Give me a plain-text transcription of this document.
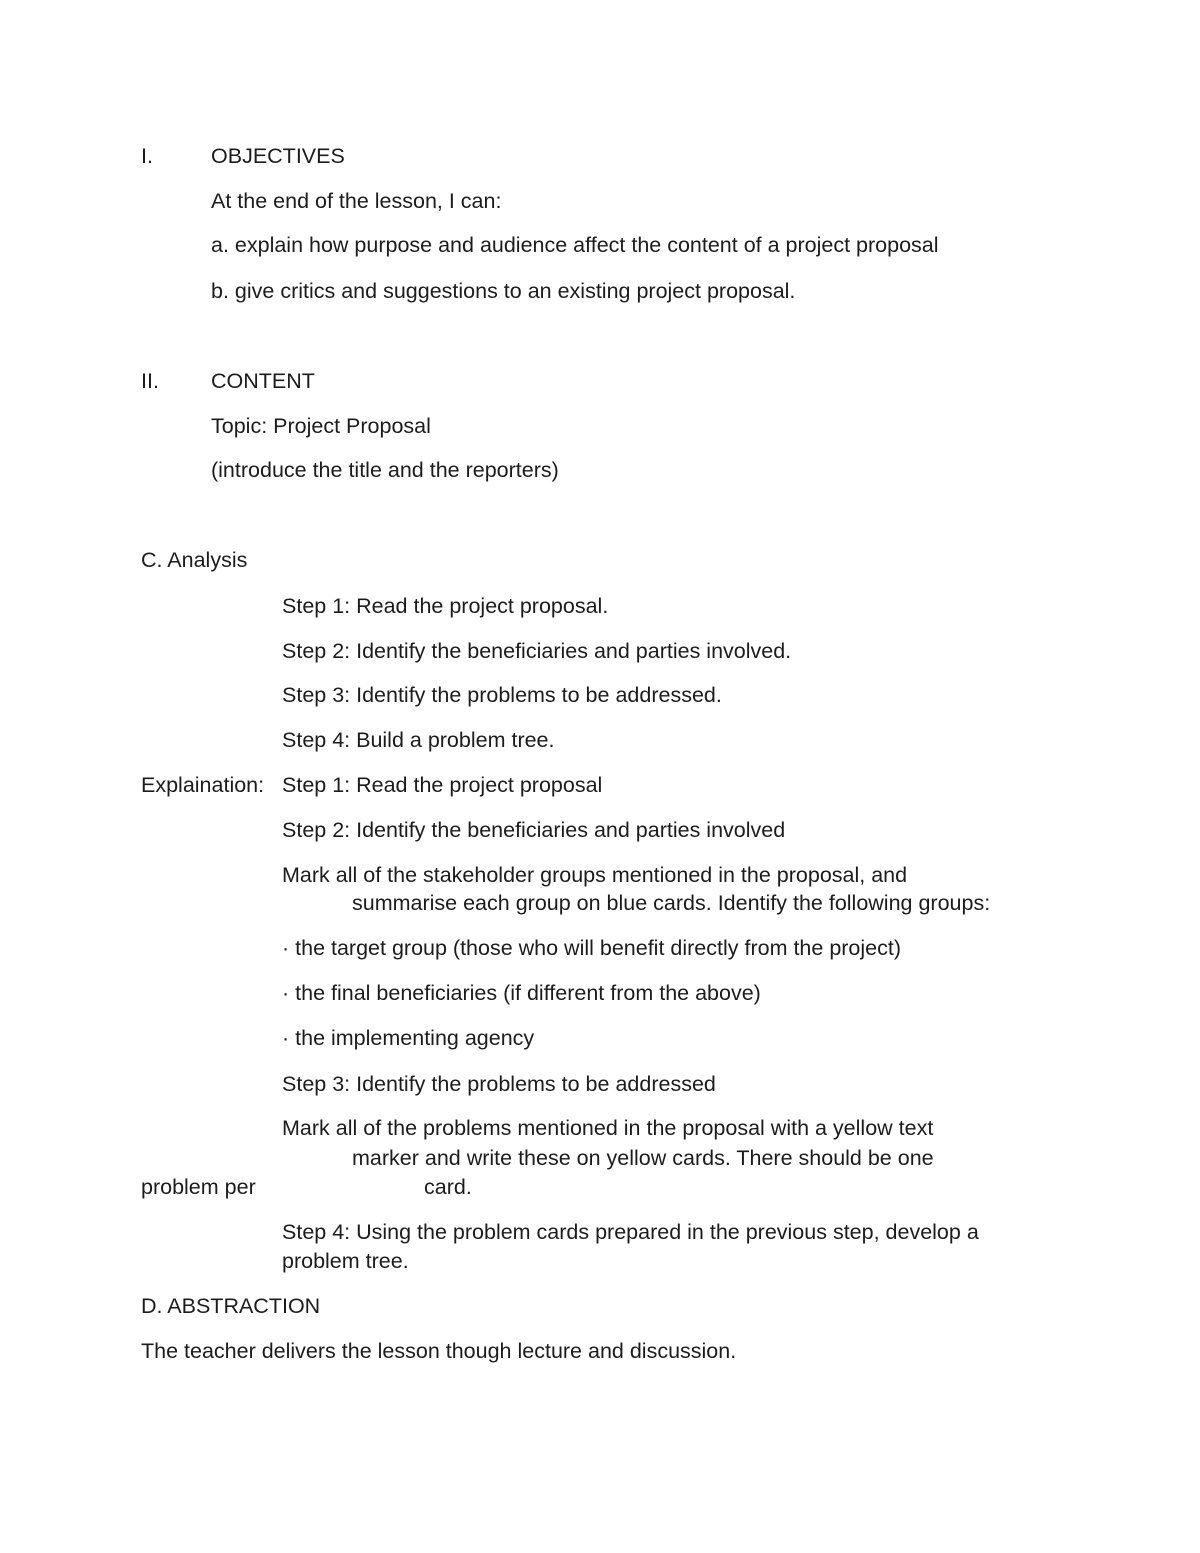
I.	OBJECTIVES

At the end of the lesson, I can:

a. explain how purpose and audience affect the content of a project proposal

b. give critics and suggestions to an existing project proposal.

II. CONTENT

Topic: Project Proposal

(introduce the title and the reporters)

C. Analysis

Step 1: Read the project proposal.

Step 2: Identify the beneficiaries and parties involved.

Step 3: Identify the problems to be addressed.

Step 4: Build a problem tree.

Explaination: Step 1: Read the project proposal

Step 2: Identify the beneficiaries and parties involved

Mark all of the stakeholder groups mentioned in the proposal, and

summarise each group on blue cards. Identify the following groups:

· the target group (those who will benefit directly from the project)

· the final beneficiaries (if different from the above)

· the implementing agency

Step 3: Identify the problems to be addressed

Mark all of the problems mentioned in the proposal with a yellow text

marker and write these on yellow cards. There should be one

problem per	card.

Step 4: Using the problem cards prepared in the previous step, develop a

problem tree.

D. ABSTRACTION

The teacher delivers the lesson though lecture and discussion.
